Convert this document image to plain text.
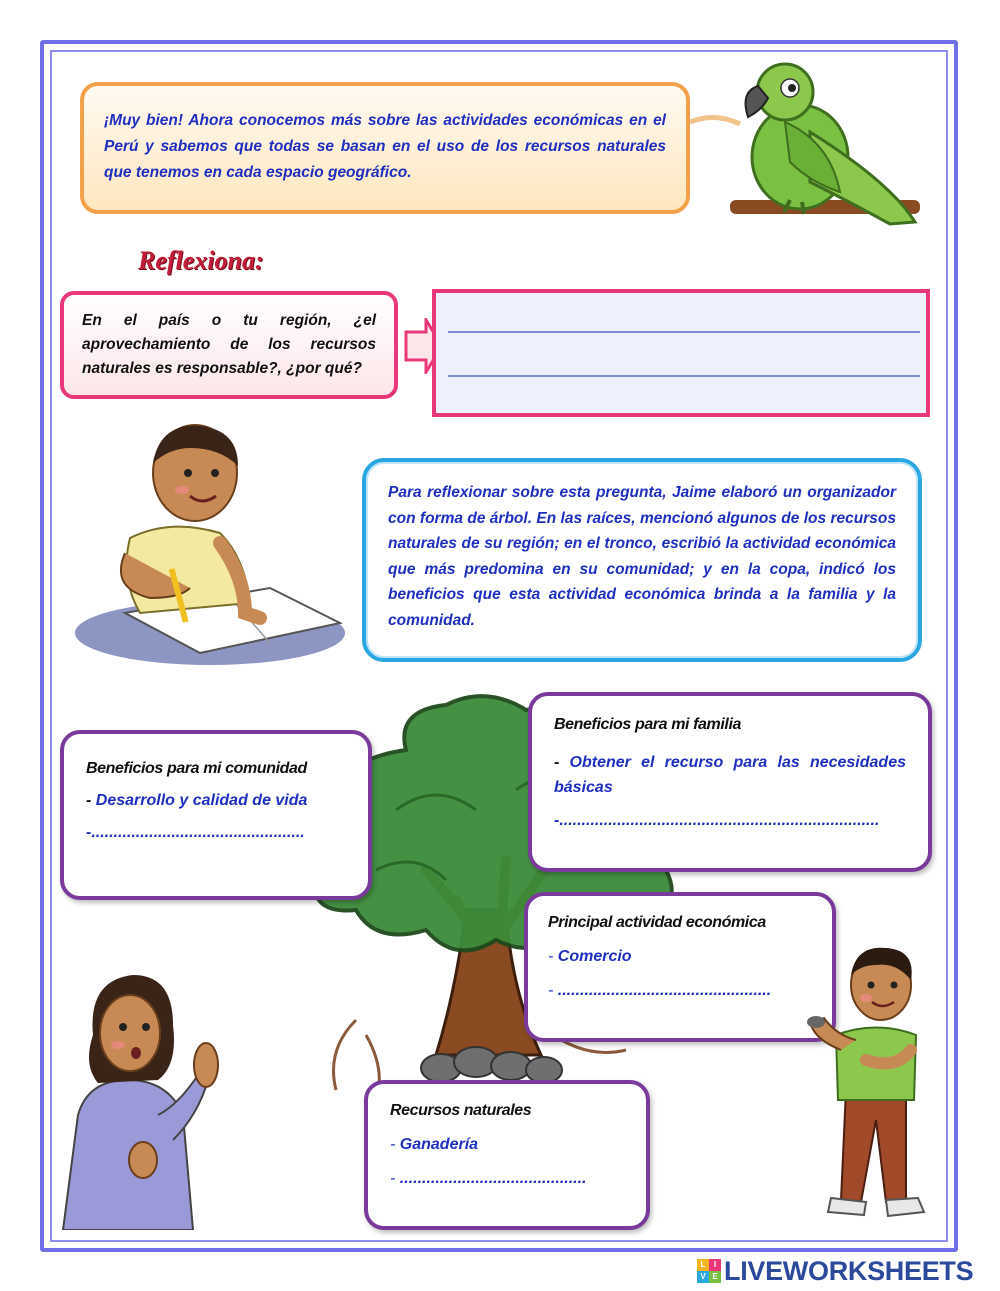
¡Muy bien! Ahora conocemos más sobre las actividades económicas en el Perú y sabemos que todas se basan en el uso de los recursos naturales que tenemos en cada espacio geográfico.
Reflexiona:
En el país o tu región, ¿el aprovechamiento de los recursos naturales es responsable?, ¿por qué?
Para reflexionar sobre esta pregunta, Jaime elaboró un organizador con forma de árbol. En las raíces, mencionó algunos de los recursos naturales de su región; en el tronco, escribió la actividad económica que más predomina en su comunidad; y en la copa, indicó los beneficios que esta actividad económica brinda a la familia y la comunidad.
Beneficios para mi comunidad
- Desarrollo y calidad de vida
-................................................
Beneficios para mi familia
- Obtener el recurso para las necesidades básicas
-........................................................................
Principal actividad económica
- Comercio
- ................................................
Recursos naturales
- Ganadería
- ..........................................
L	I
V E LIVEWORKSHEETS
